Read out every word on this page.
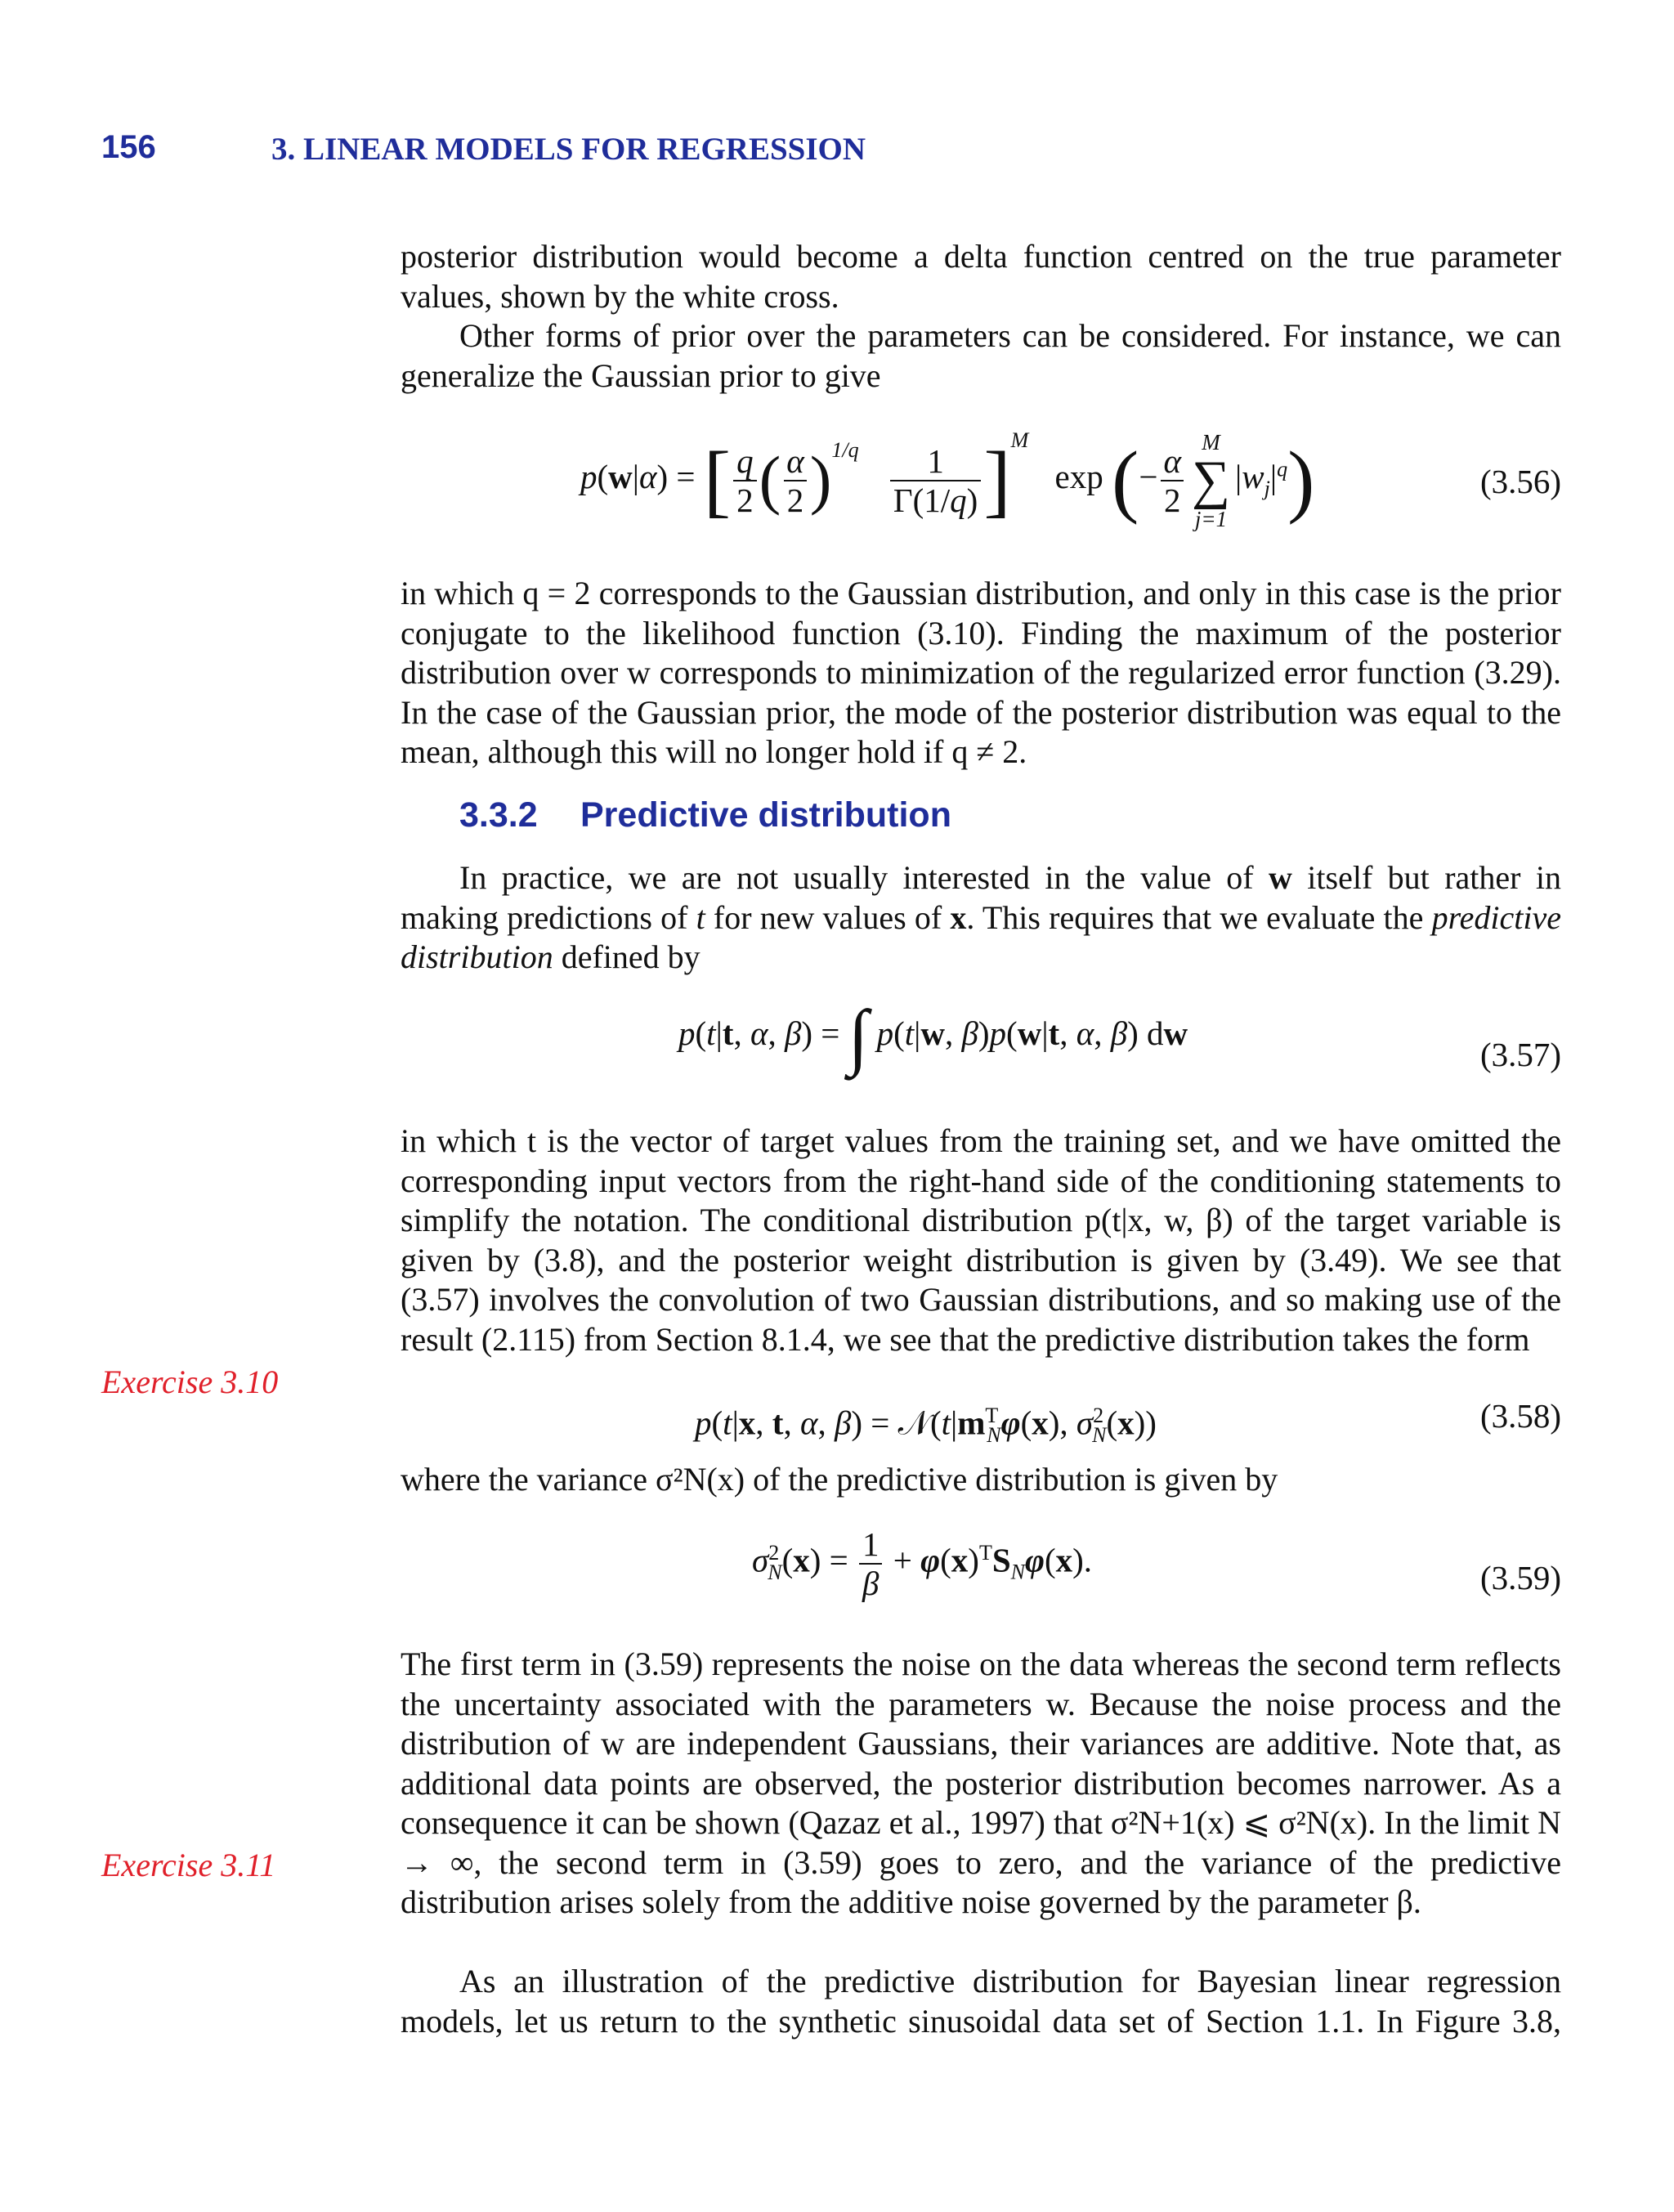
156	3. LINEAR MODELS FOR REGRESSION

posterior distribution would become a delta function centred on the true parameter values, shown by the white cross.

Other forms of prior over the parameters can be considered. For instance, we can generalize the Gaussian prior to give

p(w|α) = [ $\frac{q}{2}$ ( $\frac{\alpha}{2} )^{1/q} \frac{1}{\Gamma(1/q)} ]^M$ exp (− $\frac{\alpha}{2}$
M
∑
j=1
$|w_j|^q$)	(3.56)

in which q = 2 corresponds to the Gaussian distribution, and only in this case is the prior conjugate to the likelihood function (3.10). Finding the maximum of the posterior distribution over w corresponds to minimization of the regularized error function (3.29). In the case of the Gaussian prior, the mode of the posterior distribution was equal to the mean, although this will no longer hold if q ≠ 2.

3.3.2 Predictive distribution

In practice, we are not usually interested in the value of w itself but rather in making predictions of t for new values of x. This requires that we evaluate the predictive distribution defined by

p(t|t, α, β) = ∫ p(t|w, β)p(w|t, α, β) dw
(3.57)

in which t is the vector of target values from the training set, and we have omitted the corresponding input vectors from the right-hand side of the conditioning statements to simplify the notation. The conditional distribution p(t|x, w, β) of the target variable is given by (3.8), and the posterior weight distribution is given by (3.49). We see that (3.57) involves the convolution of two Gaussian distributions, and so making use of the result (2.115) from Section 8.1.4, we see that the predictive distribution takes the form

p(t|x, t, α, $\beta) = 𝒩(t|m^T_N\varphi(x)$, $\sigma^2_N(x)$)	(3.58)

where the variance σ²N(x) of the predictive distribution is given by

$\sigma^2_N(x) = \frac{1}{\beta} + \varphi(x)^TS_N\varphi(x)$.	(3.59)

The first term in (3.59) represents the noise on the data whereas the second term reflects the uncertainty associated with the parameters w. Because the noise process and the distribution of w are independent Gaussians, their variances are additive. Note that, as additional data points are observed, the posterior distribution becomes narrower. As a consequence it can be shown (Qazaz et al., 1997) that σ²N+1(x) ⩽ σ²N(x). In the limit N → ∞, the second term in (3.59) goes to zero, and the variance of the predictive distribution arises solely from the additive noise governed by the parameter β.

As an illustration of the predictive distribution for Bayesian linear regression models, let us return to the synthetic sinusoidal data set of Section 1.1. In Figure 3.8,

Exercise 3.10
Exercise 3.11
